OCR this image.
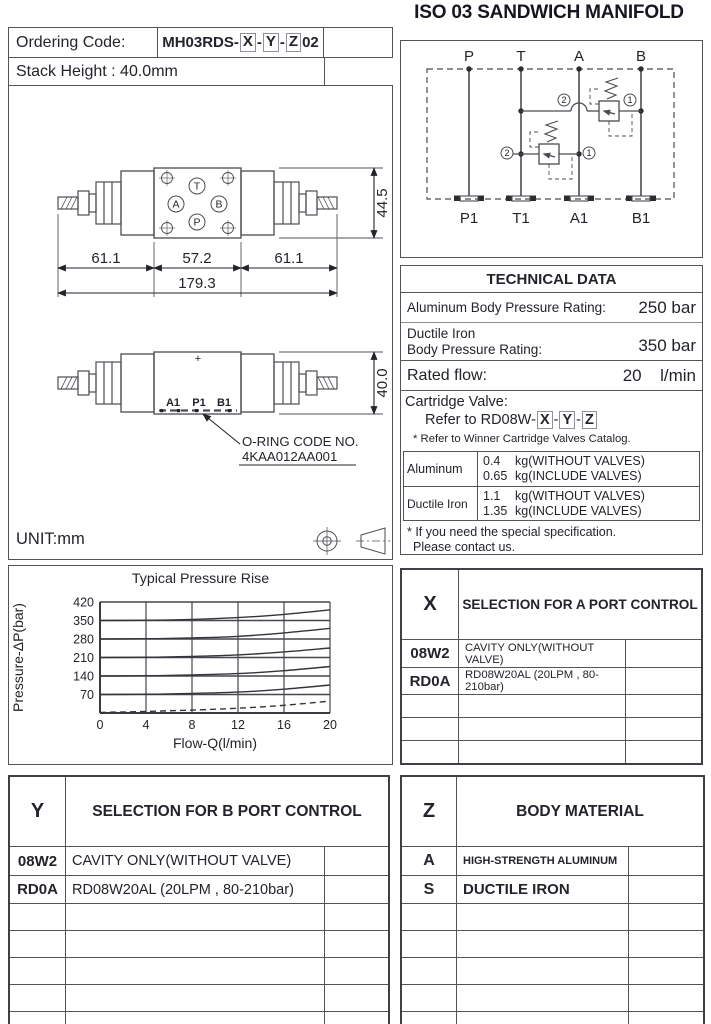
ISO 03 SANDWICH MANIFOLD
Ordering Code:	MH03RDS- X - Y - Z 02
Stack Height : 40.0mm
T
A	B
P
61.1	57.2	61.1
179.3
44.5
+
A1 P1 B1
O-RING CODE NO.
4KAA012AA001
40.0
UNIT:mm
P	T	A	B
P1 T1	A1	B1
2	1
2	1
TECHNICAL DATA
Aluminum Body Pressure Rating: 250 bar
Ductile Iron
Body Pressure Rating:	350 bar
Rated flow:	20 l/min
Cartridge Valve:
Refer to RD08W- X - Y - Z
* Refer to Winner Cartridge Valves Catalog.
Aluminum
0.4 kg(WITHOUT VALVES)
0.65 kg(INCLUDE VALVES)
Ductile Iron
1.1 kg(WITHOUT VALVES)
1.35 kg(INCLUDE VALVES)
* If you need the special specification.
Please contact us.
Typical Pressure Rise
0	4	8	12	16	20
70
140
210
280
350
420
Flow-Q(l/min)
Pressure-ΔP(bar)	X	SELECTION FOR A PORT CONTROL
08W2	CAVITY ONLY(WITHOUT VALVE)
RD0A	RD08W20AL (20LPM , 80-210bar)
Y	SELECTION FOR B PORT CONTROL
08W2	CAVITY ONLY(WITHOUT VALVE)
RD0A RD08W20AL (20LPM , 80-210bar)
Z	BODY MATERIAL
A	HIGH-STRENGTH ALUMINUM
S	DUCTILE IRON
